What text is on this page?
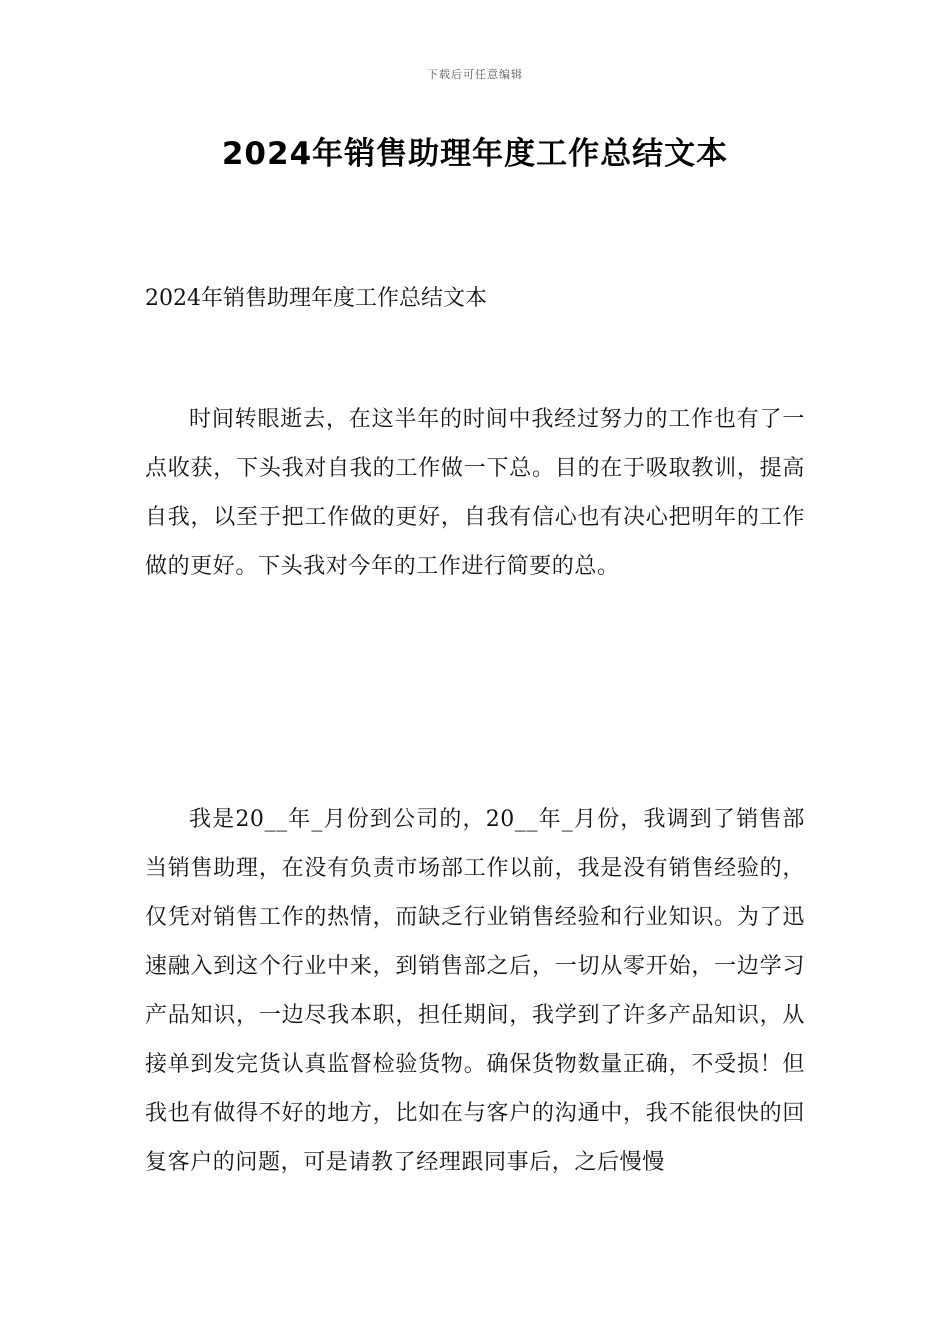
下载后可任意编辑
2024年销售助理年度工作总结文本
2024年销售助理年度工作总结文本

时间转眼逝去，在这半年的时间中我经过努力的工作也有了一点收获，下头我对自我的工作做一下总。目的在于吸取教训，提高自我，以至于把工作做的更好，自我有信心也有决心把明年的工作做的更好。下头我对今年的工作进行简要的总。

我是20__年_月份到公司的，20__年_月份，我调到了销售部当销售助理，在没有负责市场部工作以前，我是没有销售经验的，仅凭对销售工作的热情，而缺乏行业销售经验和行业知识。为了迅速融入到这个行业中来，到销售部之后，一切从零开始，一边学习产品知识，一边尽我本职，担任期间，我学到了许多产品知识，从接单到发完货认真监督检验货物。确保货物数量正确，不受损！但我也有做得不好的地方，比如在与客户的沟通中，我不能很快的回复客户的问题，可是请教了经理跟同事后，之后慢慢
